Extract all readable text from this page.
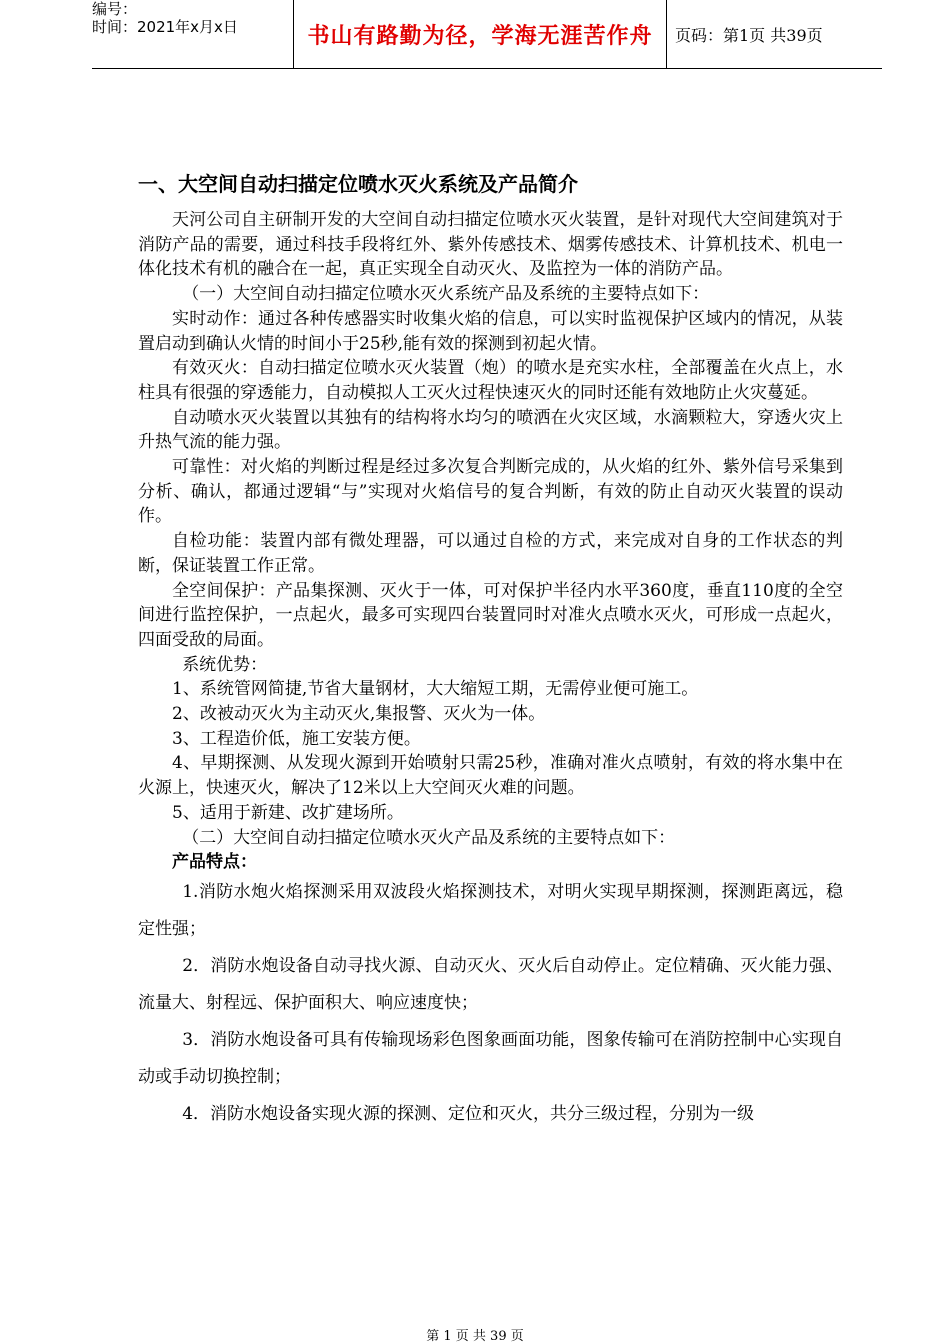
编号：
时间：2021年x月x日	书山有路勤为径，学海无涯苦作舟	页码：第1页 共39页
一、大空间自动扫描定位喷水灭火系统及产品简介

天河公司自主研制开发的大空间自动扫描定位喷水灭火装置，是针对现代大空间建筑对于消防产品的需要，通过科技手段将红外、紫外传感技术、烟雾传感技术、计算机技术、机电一体化技术有机的融合在一起，真正实现全自动灭火、及监控为一体的消防产品。

（一）大空间自动扫描定位喷水灭火系统产品及系统的主要特点如下：

实时动作：通过各种传感器实时收集火焰的信息，可以实时监视保护区域内的情况，从装置启动到确认火情的时间小于25秒,能有效的探测到初起火情。

有效灭火：自动扫描定位喷水灭火装置（炮）的喷水是充实水柱，全部覆盖在火点上，水柱具有很强的穿透能力，自动模拟人工灭火过程快速灭火的同时还能有效地防止火灾蔓延。

自动喷水灭火装置以其独有的结构将水均匀的喷洒在火灾区域，水滴颗粒大，穿透火灾上升热气流的能力强。

可靠性：对火焰的判断过程是经过多次复合判断完成的，从火焰的红外、紫外信号采集到分析、确认，都通过逻辑“与”实现对火焰信号的复合判断，有效的防止自动灭火装置的误动作。

自检功能：装置内部有微处理器，可以通过自检的方式，来完成对自身的工作状态的判断，保证装置工作正常。

全空间保护：产品集探测、灭火于一体，可对保护半径内水平360度，垂直110度的全空间进行监控保护，一点起火，最多可实现四台装置同时对准火点喷水灭火，可形成一点起火，四面受敌的局面。

系统优势：

1、系统管网简捷,节省大量钢材，大大缩短工期，无需停业便可施工。

2、改被动灭火为主动灭火,集报警、灭火为一体。

3、工程造价低，施工安装方便。

4、早期探测、从发现火源到开始喷射只需25秒，准确对准火点喷射，有效的将水集中在火源上，快速灭火，解决了12米以上大空间灭火难的问题。

5、适用于新建、改扩建场所。

（二）大空间自动扫描定位喷水灭火产品及系统的主要特点如下：

产品特点：

1.消防水炮火焰探测采用双波段火焰探测技术，对明火实现早期探测，探测距离远，稳定性强；

2．消防水炮设备自动寻找火源、自动灭火、灭火后自动停止。定位精确、灭火能力强、流量大、射程远、保护面积大、响应速度快；

3．消防水炮设备可具有传输现场彩色图象画面功能，图象传输可在消防控制中心实现自动或手动切换控制；

4．消防水炮设备实现火源的探测、定位和灭火，共分三级过程，分别为一级

第 1 页 共 39 页
